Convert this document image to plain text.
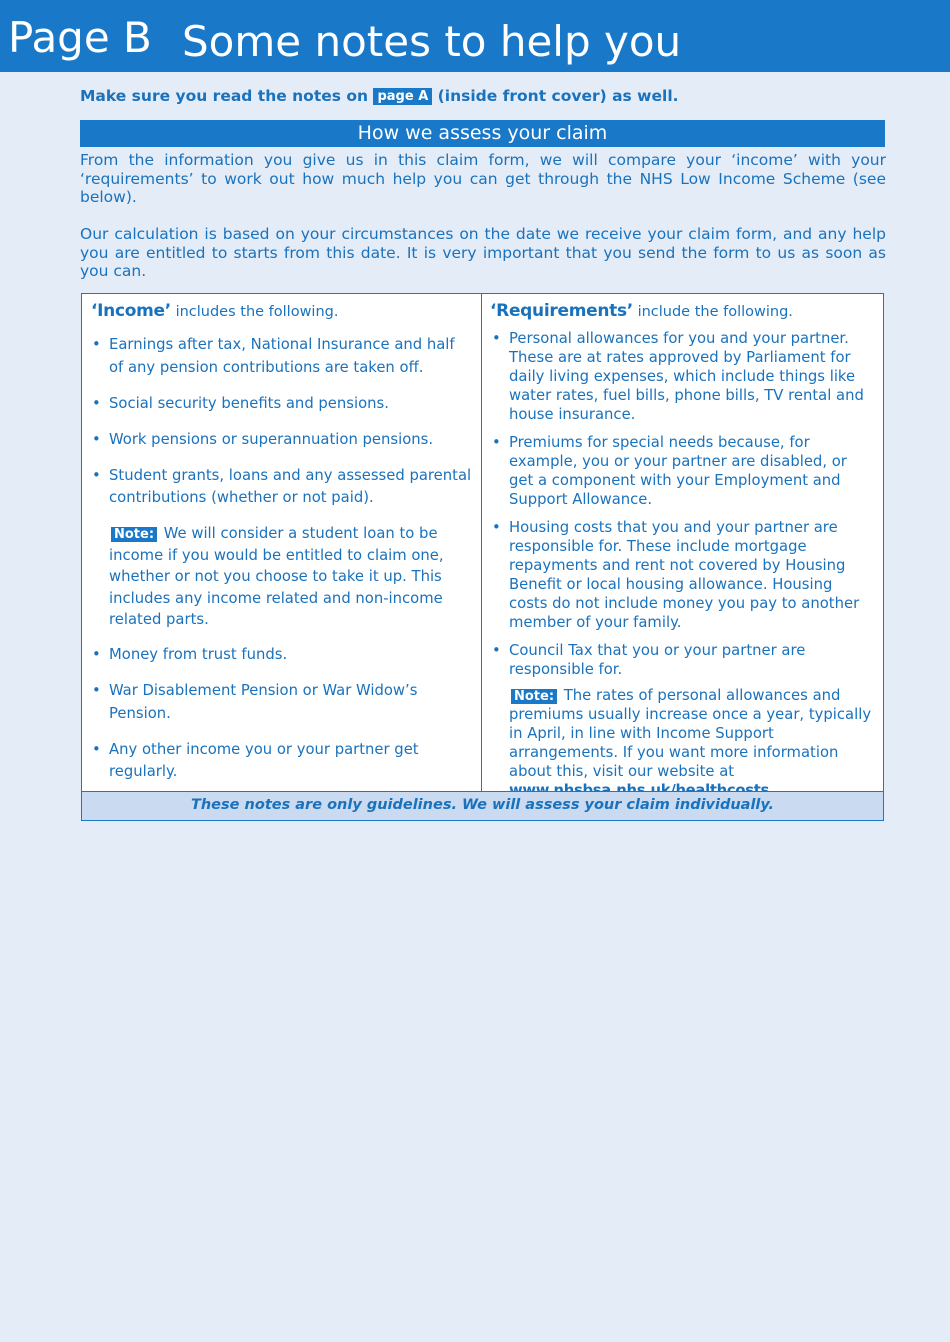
Page B Some notes to help you
Make sure you read the notes on page A (inside front cover) as well.
How we assess your claim

From the information you give us in this claim form, we will compare your ‘income’ with your ‘requirements’ to work out how much help you can get through the NHS Low Income Scheme (see below).

Our calculation is based on your circumstances on the date we receive your claim form, and any help you are entitled to starts from this date. It is very important that you send the form to us as soon as you can.

‘Income’ includes the following.
• Earnings after tax, National Insurance and half of any pension contributions are taken off.
• Social security benefits and pensions.
• Work pensions or superannuation pensions.
• Student grants, loans and any assessed parental contributions (whether or not paid).
Note: We will consider a student loan to be income if you would be entitled to claim one, whether or not you choose to take it up. This includes any income related and non-income related parts.
• Money from trust funds.
• War Disablement Pension or War Widow’s Pension.
• Any other income you or your partner get regularly.
‘Requirements’ include the following.
• Personal allowances for you and your partner. These are at rates approved by Parliament for daily living expenses, which include things like water rates, fuel bills, phone bills, TV rental and house insurance.
• Premiums for special needs because, for example, you or your partner are disabled, or get a component with your Employment and Support Allowance.
• Housing costs that you and your partner are responsible for. These include mortgage repayments and rent not covered by Housing Benefit or local housing allowance. Housing costs do not include money you pay to another member of your family.
• Council Tax that you or your partner are responsible for.
Note: The rates of personal allowances and premiums usually increase once a year, typically in April, in line with Income Support arrangements. If you want more information about this, visit our website at
These notes are only guidelines. We will assess your claim individually.
